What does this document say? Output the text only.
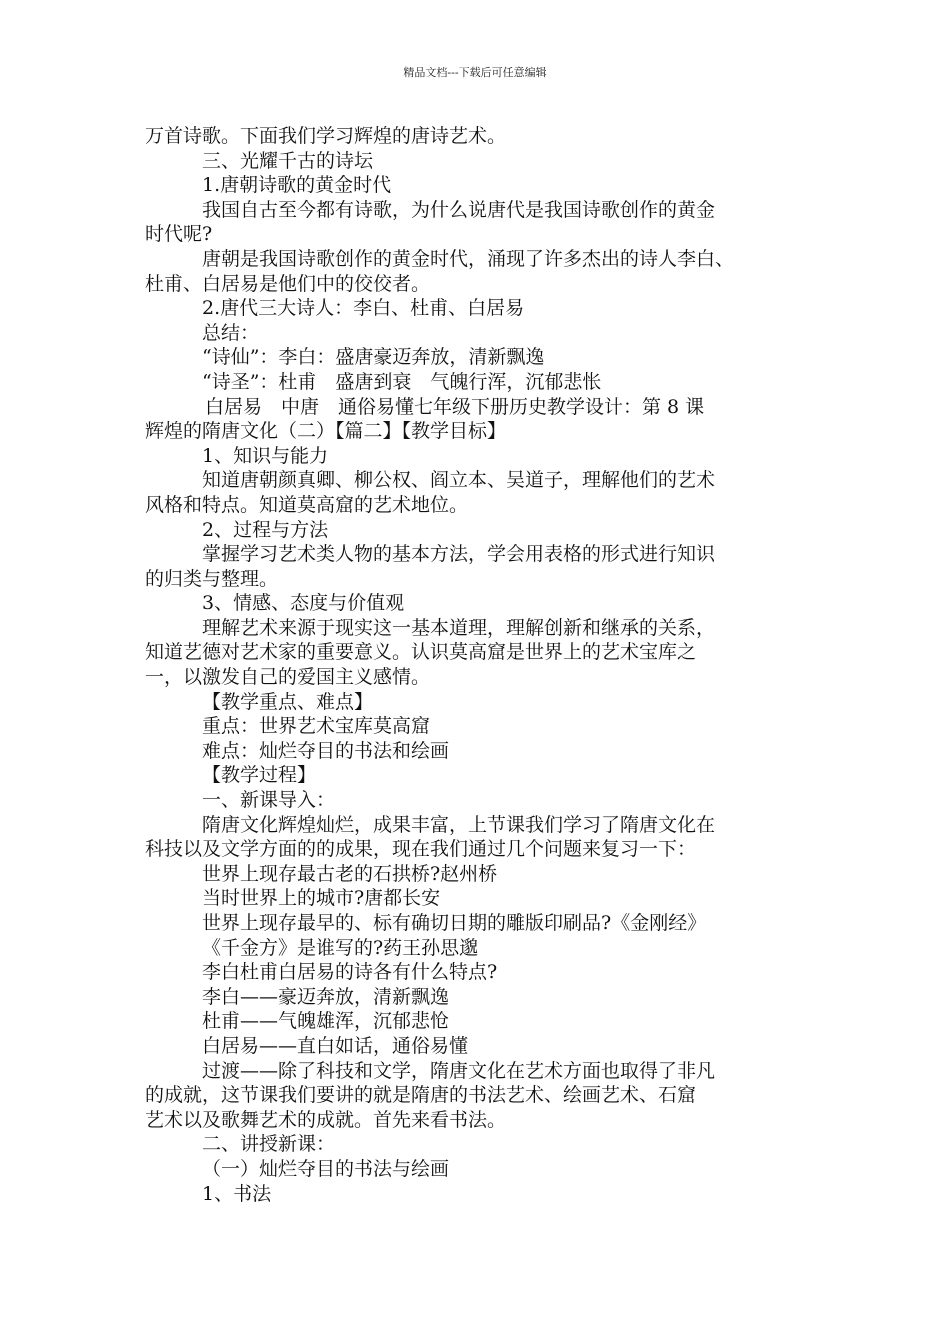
精品文档---下载后可任意编辑
万首诗歌。下面我们学习辉煌的唐诗艺术。
三、光耀千古的诗坛
1.唐朝诗歌的黄金时代
我国自古至今都有诗歌，为什么说唐代是我国诗歌创作的黄金
时代呢?
唐朝是我国诗歌创作的黄金时代，涌现了许多杰出的诗人李白、
杜甫、白居易是他们中的佼佼者。
2.唐代三大诗人：李白、杜甫、白居易
总结：
“诗仙”：李白：盛唐豪迈奔放，清新飘逸
“诗圣”：杜甫　盛唐到衰　气魄行浑，沉郁悲怅
白居易　中唐　通俗易懂七年级下册历史教学设计：第 8 课
辉煌的隋唐文化（二）【篇二】【教学目标】
1、知识与能力
知道唐朝颜真卿、柳公权、阎立本、吴道子，理解他们的艺术
风格和特点。知道莫高窟的艺术地位。
2、过程与方法
掌握学习艺术类人物的基本方法，学会用表格的形式进行知识
的归类与整理。
3、情感、态度与价值观
理解艺术来源于现实这一基本道理，理解创新和继承的关系，
知道艺德对艺术家的重要意义。认识莫高窟是世界上的艺术宝库之
一，以激发自己的爱国主义感情。
【教学重点、难点】
重点：世界艺术宝库莫高窟
难点：灿烂夺目的书法和绘画
【教学过程】
一、新课导入：
隋唐文化辉煌灿烂，成果丰富，上节课我们学习了隋唐文化在
科技以及文学方面的的成果，现在我们通过几个问题来复习一下：
世界上现存最古老的石拱桥?赵州桥
当时世界上的城市?唐都长安
世界上现存最早的、标有确切日期的雕版印刷品?《金刚经》
《千金方》是谁写的?药王孙思邈
李白杜甫白居易的诗各有什么特点?
李白——豪迈奔放，清新飘逸
杜甫——气魄雄浑，沉郁悲怆
白居易——直白如话，通俗易懂
过渡——除了科技和文学，隋唐文化在艺术方面也取得了非凡
的成就，这节课我们要讲的就是隋唐的书法艺术、绘画艺术、石窟
艺术以及歌舞艺术的成就。首先来看书法。
二、讲授新课：
（一）灿烂夺目的书法与绘画
1、书法
